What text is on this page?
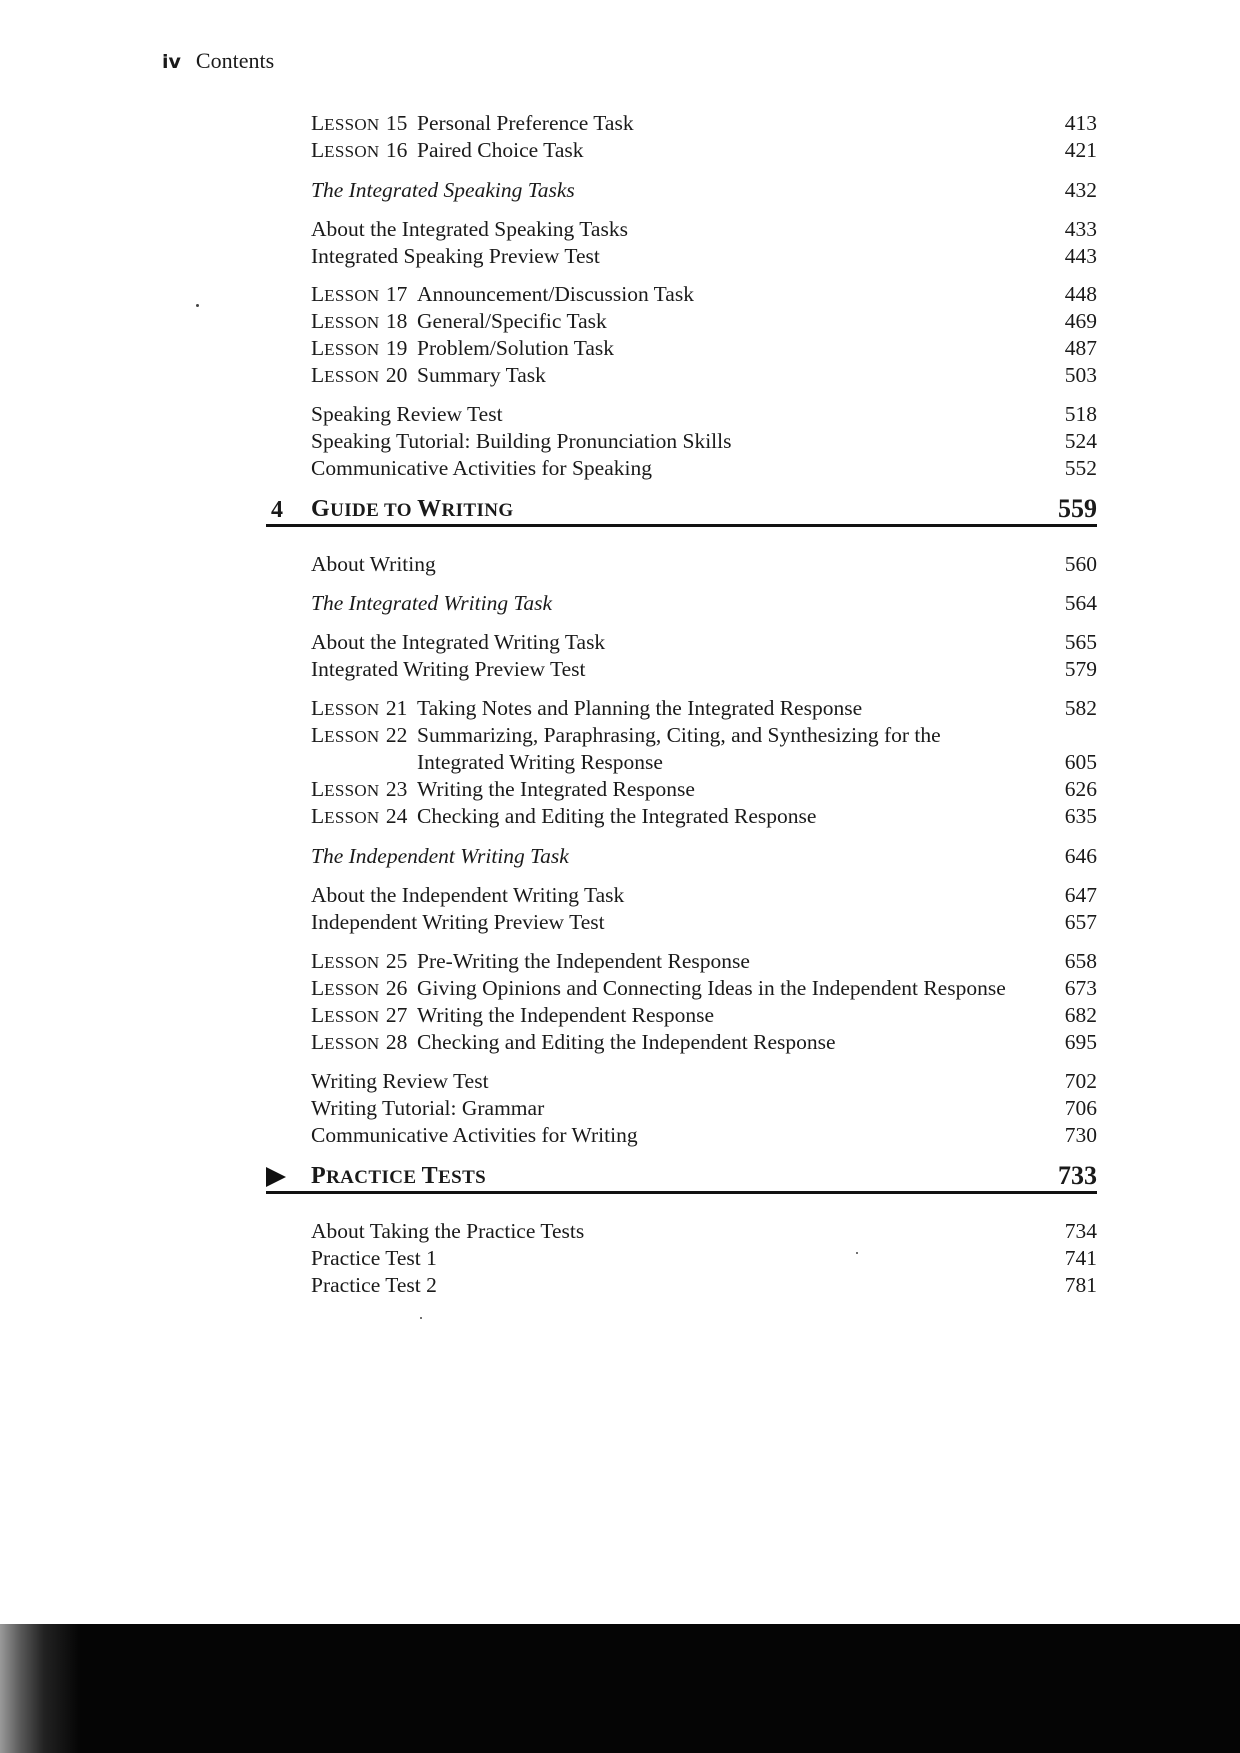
iv Contents
LESSON 15 Personal Preference Task	413
LESSON 16 Paired Choice Task	421
The Integrated Speaking Tasks	432
About the Integrated Speaking Tasks	433
Integrated Speaking Preview Test	443
LESSON 17 Announcement/Discussion Task	448
LESSON 18 General/Specific Task	469
LESSON 19 Problem/Solution Task	487
LESSON 20 Summary Task	503
Speaking Review Test	518
Speaking Tutorial: Building Pronunciation Skills	524
Communicative Activities for Speaking	552
4 GUIDE TO WRITING	559
About Writing	560
The Integrated Writing Task	564
About the Integrated Writing Task	565
Integrated Writing Preview Test	579
LESSON 21 Taking Notes and Planning the Integrated Response	582
LESSON 22 Summarizing, Paraphrasing, Citing, and Synthesizing for the
Integrated Writing Response	605
LESSON 23 Writing the Integrated Response	626
LESSON 24 Checking and Editing the Integrated Response	635
The Independent Writing Task	646
About the Independent Writing Task	647
Independent Writing Preview Test	657
LESSON 25 Pre-Writing the Independent Response	658
LESSON 26 Giving Opinions and Connecting Ideas in the Independent Response	673
LESSON 27 Writing the Independent Response	682
LESSON 28 Checking and Editing the Independent Response	695
Writing Review Test	702
Writing Tutorial: Grammar	706
Communicative Activities for Writing	730
PRACTICE TESTS	733
About Taking the Practice Tests	734
Practice Test 1	741
Practice Test 2	781
